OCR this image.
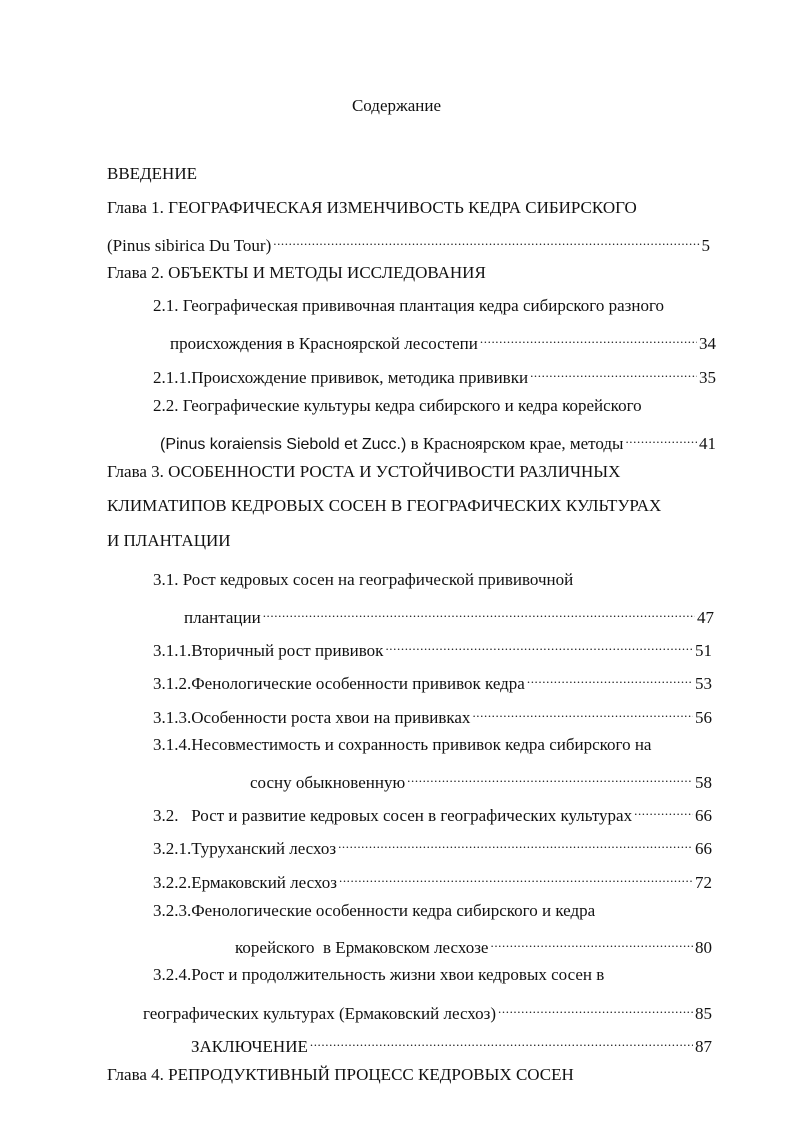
Содержание
ВВЕДЕНИЕ
Глава 1. ГЕОГРАФИЧЕСКАЯ ИЗМЕНЧИВОСТЬ КЕДРА СИБИРСКОГО
(Pinus sibirica Du Tour) .....	5
Глава 2. ОБЪЕКТЫ И МЕТОДЫ ИССЛЕДОВАНИЯ
2.1. Географическая прививочная плантация кедра сибирского разного
происхождения в Красноярской лесостепи .....	34
2.1.1.Происхождение прививок, методика прививки .....	35
2.2. Географические культуры кедра сибирского и кедра корейского
(Pinus koraiensis Siebold et Zucc.) в Красноярском крае, методы .....	41
Глава 3. ОСОБЕННОСТИ РОСТА И УСТОЙЧИВОСТИ РАЗЛИЧНЫХ
КЛИМАТИПОВ КЕДРОВЫХ СОСЕН В ГЕОГРАФИЧЕСКИХ КУЛЬТУРАХ
И ПЛАНТАЦИИ
3.1. Рост кедровых сосен на географической прививочной
плантации .....	47
3.1.1.Вторичный рост прививок .....	51
3.1.2.Фенологические особенности прививок кедра .....	53
3.1.3.Особенности роста хвои на прививках .....	56
3.1.4.Несовместимость и сохранность прививок кедра сибирского на
сосну обыкновенную .....	58
3.2.   Рост и развитие кедровых сосен в географических культурах .....	66
3.2.1.Туруханский лесхоз .....	66
3.2.2.Ермаковский лесхоз .....	72
3.2.3.Фенологические особенности кедра сибирского и кедра
корейского  в Ермаковском лесхозе .....	80
3.2.4.Рост и продолжительность жизни хвои кедровых сосен в
географических культурах (Ермаковский лесхоз) .....	85
ЗАКЛЮЧЕНИЕ .....	87
Глава 4. РЕПРОДУКТИВНЫЙ ПРОЦЕСС КЕДРОВЫХ СОСЕН
